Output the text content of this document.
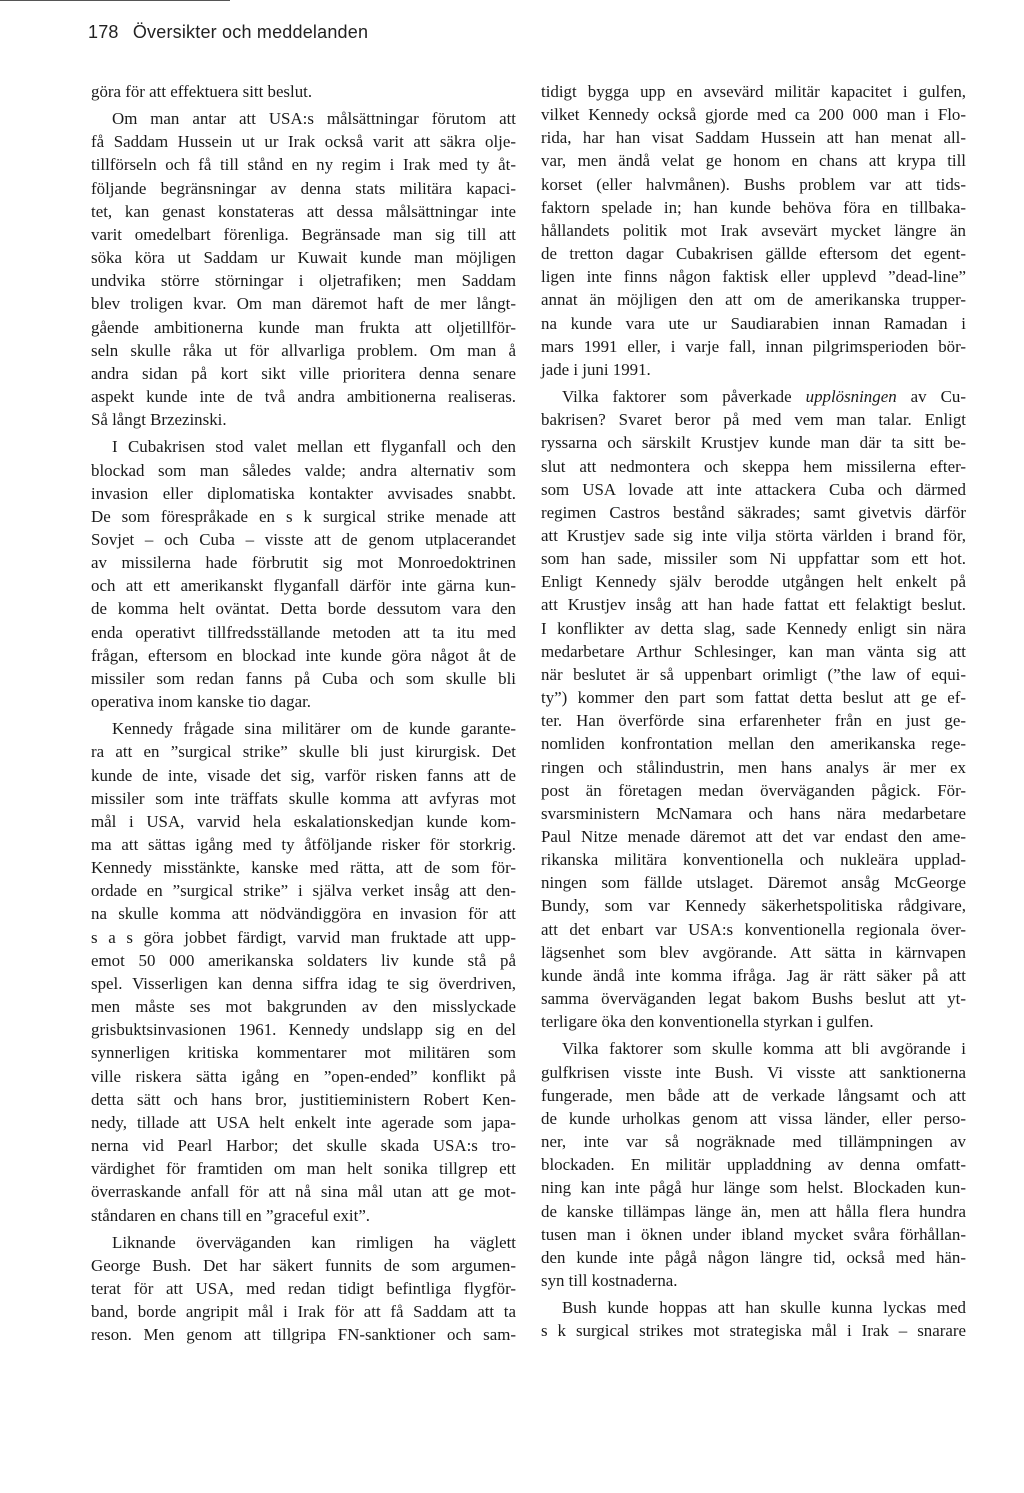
178 Översikter och meddelanden
göra för att effektuera sitt beslut.
Om man antar att USA:s målsättningar förutom att
få Saddam Hussein ut ur Irak också varit att säkra olje-
tillförseln och få till stånd en ny regim i Irak med ty åt-
följande begränsningar av denna stats militära kapaci-
tet, kan genast konstateras att dessa målsättningar inte
varit omedelbart förenliga. Begränsade man sig till att
söka köra ut Saddam ur Kuwait kunde man möjligen
undvika större störningar i oljetrafiken; men Saddam
blev troligen kvar. Om man däremot haft de mer långt-
gående ambitionerna kunde man frukta att oljetillför-
seln skulle råka ut för allvarliga problem. Om man å
andra sidan på kort sikt ville prioritera denna senare
aspekt kunde inte de två andra ambitionerna realiseras.
Så långt Brzezinski.
I Cubakrisen stod valet mellan ett flyganfall och den
blockad som man således valde; andra alternativ som
invasion eller diplomatiska kontakter avvisades snabbt.
De som förespråkade en s k surgical strike menade att
Sovjet – och Cuba – visste att de genom utplacerandet
av missilerna hade förbrutit sig mot Monroedoktrinen
och att ett amerikanskt flyganfall därför inte gärna kun-
de komma helt oväntat. Detta borde dessutom vara den
enda operativt tillfredsställande metoden att ta itu med
frågan, eftersom en blockad inte kunde göra något åt de
missiler som redan fanns på Cuba och som skulle bli
operativa inom kanske tio dagar.
Kennedy frågade sina militärer om de kunde garante-
ra att en ”surgical strike” skulle bli just kirurgisk. Det
kunde de inte, visade det sig, varför risken fanns att de
missiler som inte träffats skulle komma att avfyras mot
mål i USA, varvid hela eskalationskedjan kunde kom-
ma att sättas igång med ty åtföljande risker för storkrig.
Kennedy misstänkte, kanske med rätta, att de som för-
ordade en ”surgical strike” i själva verket insåg att den-
na skulle komma att nödvändiggöra en invasion för att
s a s göra jobbet färdigt, varvid man fruktade att upp-
emot 50 000 amerikanska soldaters liv kunde stå på
spel. Visserligen kan denna siffra idag te sig överdriven,
men måste ses mot bakgrunden av den misslyckade
grisbuktsinvasionen 1961. Kennedy undslapp sig en del
synnerligen kritiska kommentarer mot militären som
ville riskera sätta igång en ”open-ended” konflikt på
detta sätt och hans bror, justitieministern Robert Ken-
nedy, tillade att USA helt enkelt inte agerade som japa-
nerna vid Pearl Harbor; det skulle skada USA:s tro-
värdighet för framtiden om man helt sonika tillgrep ett
överraskande anfall för att nå sina mål utan att ge mot-
ståndaren en chans till en ”graceful exit”.
Liknande överväganden kan rimligen ha väglett
George Bush. Det har säkert funnits de som argumen-
terat för att USA, med redan tidigt befintliga flygför-
band, borde angripit mål i Irak för att få Saddam att ta
reson. Men genom att tillgripa FN-sanktioner och sam-
tidigt bygga upp en avsevärd militär kapacitet i gulfen,
vilket Kennedy också gjorde med ca 200 000 man i Flo-
rida, har han visat Saddam Hussein att han menat all-
var, men ändå velat ge honom en chans att krypa till
korset (eller halvmånen). Bushs problem var att tids-
faktorn spelade in; han kunde behöva föra en tillbaka-
hållandets politik mot Irak avsevärt mycket längre än
de tretton dagar Cubakrisen gällde eftersom det egent-
ligen inte finns någon faktisk eller upplevd ”dead-line”
annat än möjligen den att om de amerikanska trupper-
na kunde vara ute ur Saudiarabien innan Ramadan i
mars 1991 eller, i varje fall, innan pilgrimsperioden bör-
jade i juni 1991.
Vilka faktorer som påverkade upplösningen av Cu-
bakrisen? Svaret beror på med vem man talar. Enligt
ryssarna och särskilt Krustjev kunde man där ta sitt be-
slut att nedmontera och skeppa hem missilerna efter-
som USA lovade att inte attackera Cuba och därmed
regimen Castros bestånd säkrades; samt givetvis därför
att Krustjev sade sig inte vilja störta världen i brand för,
som han sade, missiler som Ni uppfattar som ett hot.
Enligt Kennedy själv berodde utgången helt enkelt på
att Krustjev insåg att han hade fattat ett felaktigt beslut.
I konflikter av detta slag, sade Kennedy enligt sin nära
medarbetare Arthur Schlesinger, kan man vänta sig att
när beslutet är så uppenbart orimligt (”the law of equi-
ty”) kommer den part som fattat detta beslut att ge ef-
ter. Han överförde sina erfarenheter från en just ge-
nomliden konfrontation mellan den amerikanska rege-
ringen och stålindustrin, men hans analys är mer ex
post än företagen medan överväganden pågick. För-
svarsministern McNamara och hans nära medarbetare
Paul Nitze menade däremot att det var endast den ame-
rikanska militära konventionella och nukleära upplad-
ningen som fällde utslaget. Däremot ansåg McGeorge
Bundy, som var Kennedy säkerhetspolitiska rådgivare,
att det enbart var USA:s konventionella regionala över-
lägsenhet som blev avgörande. Att sätta in kärnvapen
kunde ändå inte komma ifråga. Jag är rätt säker på att
samma överväganden legat bakom Bushs beslut att yt-
terligare öka den konventionella styrkan i gulfen.
Vilka faktorer som skulle komma att bli avgörande i
gulfkrisen visste inte Bush. Vi visste att sanktionerna
fungerade, men både att de verkade långsamt och att
de kunde urholkas genom att vissa länder, eller perso-
ner, inte var så nogräknade med tillämpningen av
blockaden. En militär uppladdning av denna omfatt-
ning kan inte pågå hur länge som helst. Blockaden kun-
de kanske tillämpas länge än, men att hålla flera hundra
tusen man i öknen under ibland mycket svåra förhållan-
den kunde inte pågå någon längre tid, också med hän-
syn till kostnaderna.
Bush kunde hoppas att han skulle kunna lyckas med
s k surgical strikes mot strategiska mål i Irak – snarare
